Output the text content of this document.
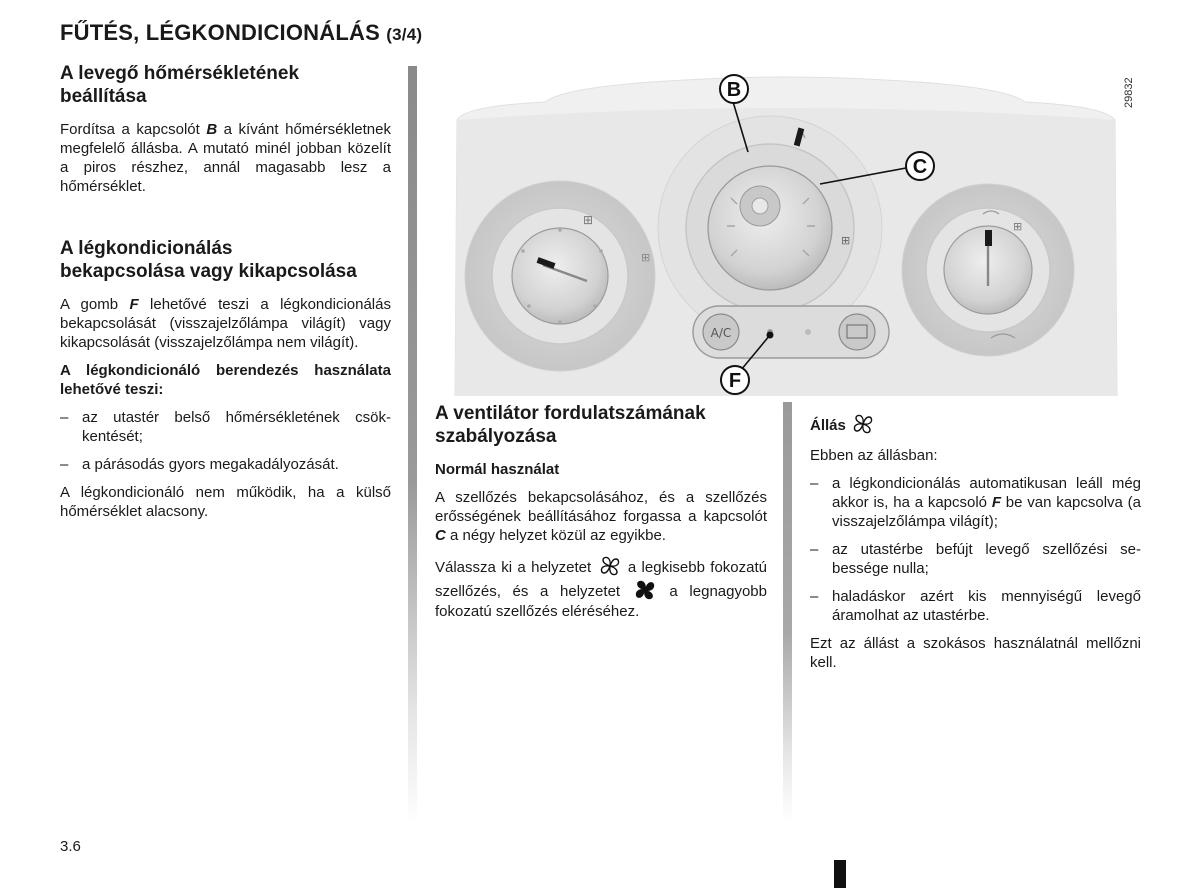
FŰTÉS, LÉGKONDICIONÁLÁS (3/4)
A levegő hőmérsékletének
beállítása

Fordítsa a kapcsolót B a kívánt hőmérsékletnek megfelelő állásba. A mutató minél jobban közelít a piros részhez, annál magasabb lesz a hőmérséklet.

A légkondicionálás
bekapcsolása vagy kikapcsolása

A gomb F lehetővé teszi a légkondicionálás bekapcsolását (visszajelzőlámpa világít) vagy kikapcsolását (visszajelzőlámpa nem világít).

A légkondicionáló berendezés használata lehetővé teszi:

– az utastér belső hőmérsékletének csökkentését;
– a párásodás gyors megakadályozását.

A légkondicionáló nem működik, ha a külső hőmérséklet alacsony.

⊞
⊞
⊞
⊞
A/C
B
C
F
29832
A ventilátor fordulatszámának
szabályozása
Normál használat

A szellőzés bekapcsolásához, és a szellőzés erősségének beállításához forgassa a kapcsolót C a négy helyzet közül az egyikbe.

Válassza ki a helyzetet  a legkisebb fokozatú szellőzés, és a helyzetet  a legnagyobb fokozatú szellőzés eléréséhez.

Állás

Ebben az állásban:

– a légkondicionálás automatikusan leáll még akkor is, ha a kapcsoló F be van kapcsolva (a visszajelzőlámpa világít);
– az utastérbe befújt levegő szellőzési sebessége nulla;
– haladáskor azért kis mennyiségű levegő áramolhat az utastérbe.

Ezt az állást a szokásos használatnál mellőzni kell.

3.6
